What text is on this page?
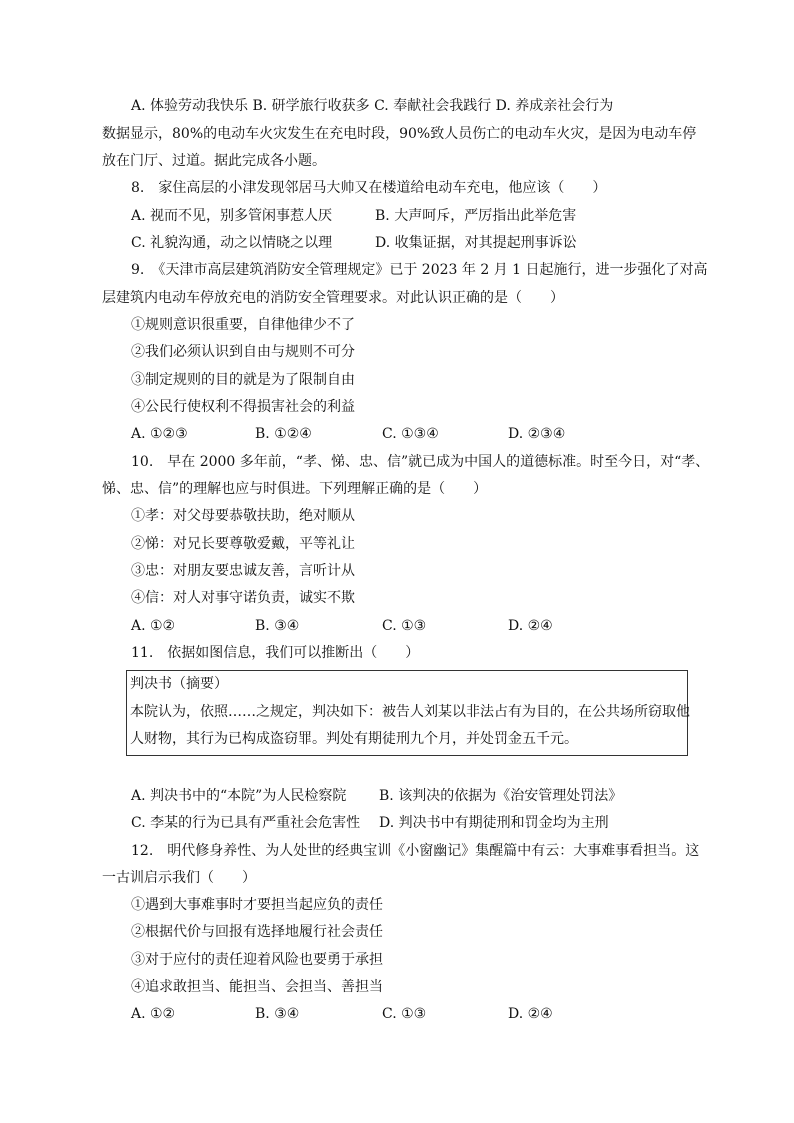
A. 体验劳动我快乐 B. 研学旅行收获多 C. 奉献社会我践行 D. 养成亲社会行为
数据显示，80%的电动车火灾发生在充电时段，90%致人员伤亡的电动车火灾，是因为电动车停
放在门厅、过道。据此完成各小题。
8.　家住高层的小津发现邻居马大帅又在楼道给电动车充电，他应该（　　）
A. 视而不见，别多管闲事惹人厌	B. 大声呵斥，严厉指出此举危害
C. 礼貌沟通，动之以情晓之以理	D. 收集证据，对其提起刑事诉讼
9.　《天津市高层建筑消防安全管理规定》已于 2023 年 2 月 1 日起施行，进一步强化了对高
层建筑内电动车停放充电的消防安全管理要求。对此认识正确的是（　　）
①规则意识很重要，自律他律少不了
②我们必须认识到自由与规则不可分
③制定规则的目的就是为了限制自由
④公民行使权利不得损害社会的利益
A. ①②③	B. ①②④	C. ①③④	D. ②③④
10.　早在 2000 多年前，“孝、悌、忠、信”就已成为中国人的道德标准。时至今日，对“孝、
悌、忠、信”的理解也应与时俱进。下列理解正确的是（　　）
①孝：对父母要恭敬扶助，绝对顺从
②悌：对兄长要尊敬爱戴，平等礼让
③忠：对朋友要忠诚友善，言听计从
④信：对人对事守诺负责，诚实不欺
A. ①②	B. ③④	C. ①③	D. ②④
11.　依据如图信息，我们可以推断出（　　）
判决书（摘要）
本院认为，依照……之规定，判决如下：被告人刘某以非法占有为目的，在公共场所窃取他
人财物，其行为已构成盗窃罪。判处有期徒刑九个月，并处罚金五千元。
A. 判决书中的“本院”为人民检察院 B. 该判决的依据为《治安管理处罚法》
C. 李某的行为已具有严重社会危害性 D. 判决书中有期徒刑和罚金均为主刑
12.　明代修身养性、为人处世的经典宝训《小窗幽记》集醒篇中有云：大事难事看担当。这
一古训启示我们（　　）
①遇到大事难事时才要担当起应负的责任
②根据代价与回报有选择地履行社会责任
③对于应付的责任迎着风险也要勇于承担
④追求敢担当、能担当、会担当、善担当
A. ①②	B. ③④	C. ①③	D. ②④
